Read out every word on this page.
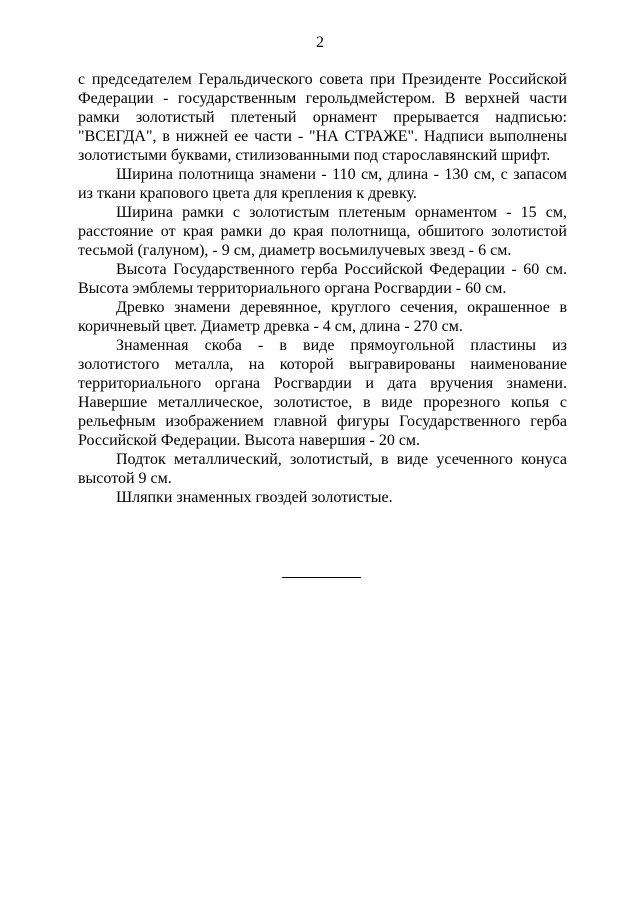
2

с председателем Геральдического совета при Президенте Российской Федерации - государственным герольдмейстером. В верхней части рамки золотистый плетеный орнамент прерывается надписью: "ВСЕГДА", в нижней ее части - "НА СТРАЖЕ". Надписи выполнены золотистыми буквами, стилизованными под старославянский шрифт.

Ширина полотнища знамени - 110 см, длина - 130 см, с запасом из ткани крапового цвета для крепления к древку.

Ширина рамки с золотистым плетеным орнаментом - 15 см, расстояние от края рамки до края полотнища, обшитого золотистой тесьмой (галуном), - 9 см, диаметр восьмилучевых звезд - 6 см.

Высота Государственного герба Российской Федерации - 60 см. Высота эмблемы территориального органа Росгвардии - 60 см.

Древко знамени деревянное, круглого сечения, окрашенное в коричневый цвет. Диаметр древка - 4 см, длина - 270 см.

Знаменная скоба - в виде прямоугольной пластины из золотистого металла, на которой выгравированы наименование территориального органа Росгвардии и дата вручения знамени. Навершие металлическое, золотистое, в виде прорезного копья с рельефным изображением главной фигуры Государственного герба Российской Федерации. Высота навершия - 20 см.

Подток металлический, золотистый, в виде усеченного конуса высотой 9 см.

Шляпки знаменных гвоздей золотистые.
